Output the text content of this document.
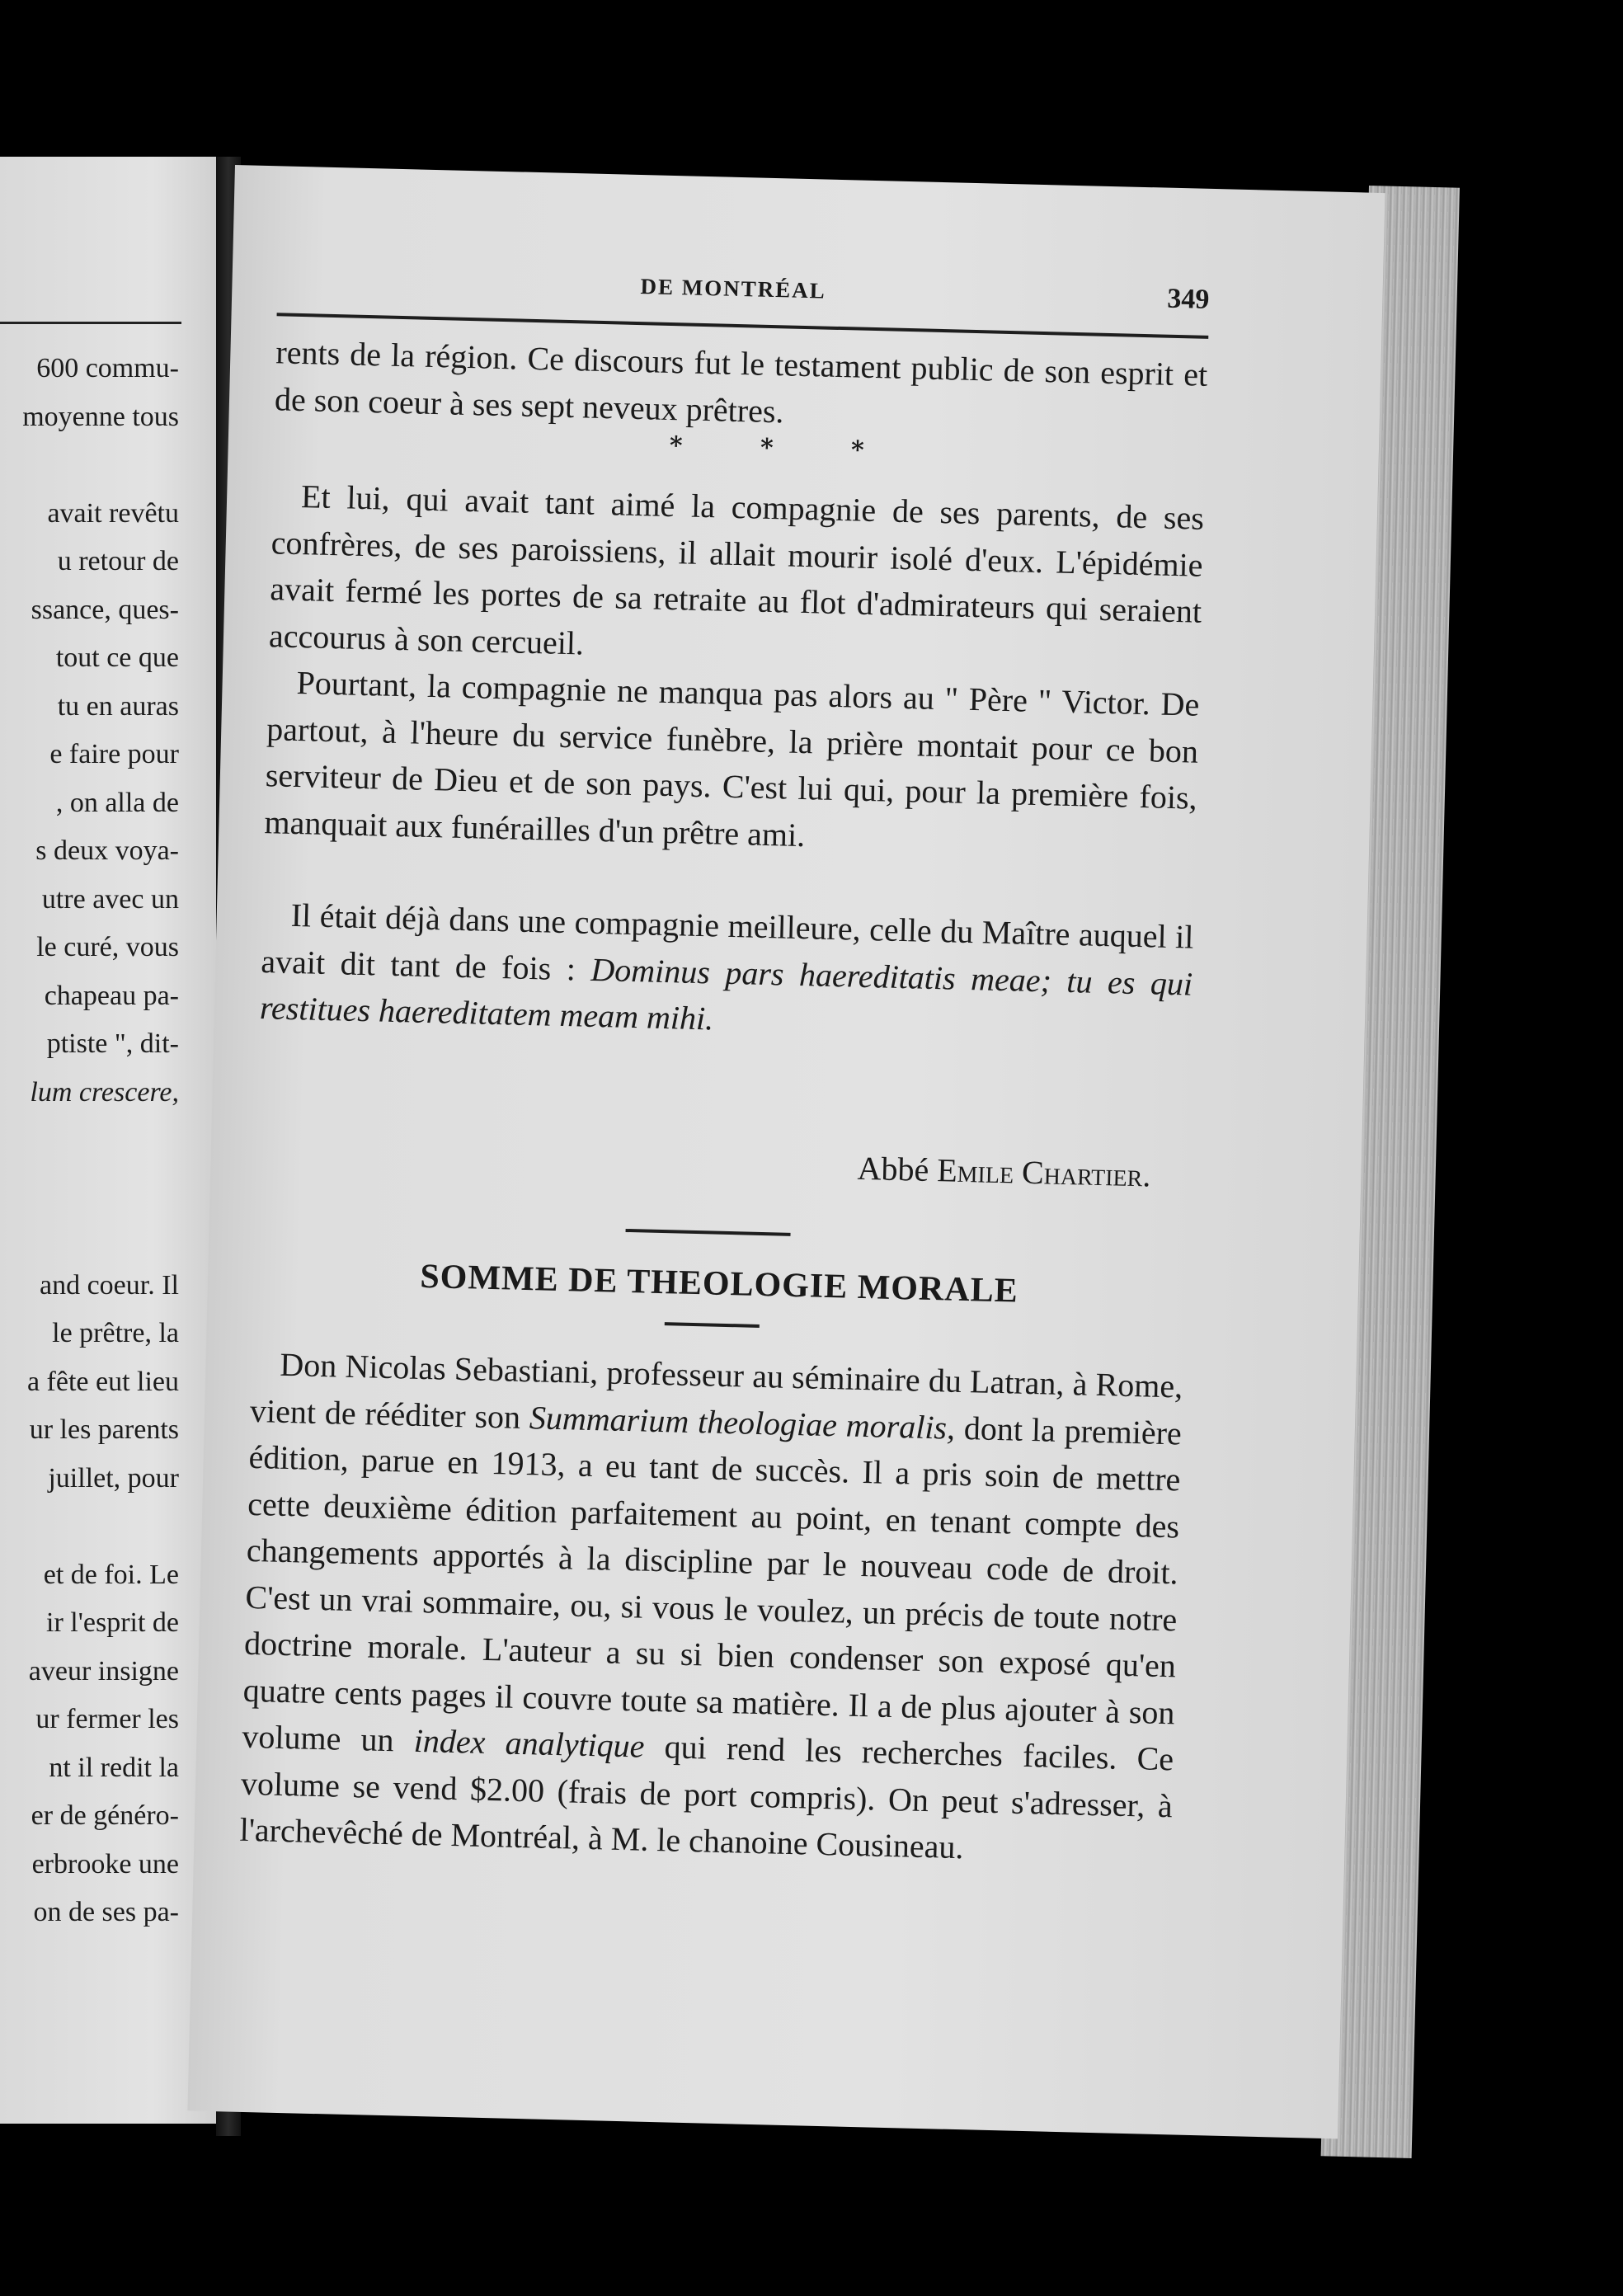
600 commu-
moyenne tous
avait revêtu
u retour de
ssance, ques-
tout ce que
tu en auras
e faire pour
, on alla de
s deux voya-
utre avec un
le curé, vous
chapeau pa-
ptiste ", dit-
lum crescere,
and coeur. Il
le prêtre, la
a fête eut lieu
ur les parents
juillet, pour
et de foi. Le
ir l'esprit de
aveur insigne
ur fermer les
nt il redit la
er de généro-
erbrooke une
on de ses pa-
DE MONTRÉAL	349

rents de la région. Ce discours fut le testament public de son esprit et de son coeur à ses sept neveux prêtres.

* * *

Et lui, qui avait tant aimé la compagnie de ses parents, de ses confrères, de ses paroissiens, il allait mourir isolé d'eux. L'épidémie avait fermé les portes de sa retraite au flot d'admirateurs qui seraient accourus à son cercueil.

Pourtant, la compagnie ne manqua pas alors au " Père " Victor. De partout, à l'heure du service funèbre, la prière montait pour ce bon serviteur de Dieu et de son pays. C'est lui qui, pour la première fois, manquait aux funérailles d'un prêtre ami.

Il était déjà dans une compagnie meilleure, celle du Maître auquel il avait dit tant de fois : Dominus pars haereditatis meae; tu es qui restitues haereditatem meam mihi.

Abbé Emile Chartier.
SOMME DE THEOLOGIE MORALE

Don Nicolas Sebastiani, professeur au séminaire du Latran, à Rome, vient de rééditer son Summarium theologiae moralis, dont la première édition, parue en 1913, a eu tant de succès. Il a pris soin de mettre cette deuxième édition parfaitement au point, en tenant compte des changements apportés à la discipline par le nouveau code de droit. C'est un vrai sommaire, ou, si vous le voulez, un précis de toute notre doctrine morale. L'auteur a su si bien condenser son exposé qu'en quatre cents pages il couvre toute sa matière. Il a de plus ajouter à son volume un index analytique qui rend les recherches faciles. Ce volume se vend $2.00 (frais de port compris). On peut s'adresser, à l'archevêché de Montréal, à M. le chanoine Cousineau.
